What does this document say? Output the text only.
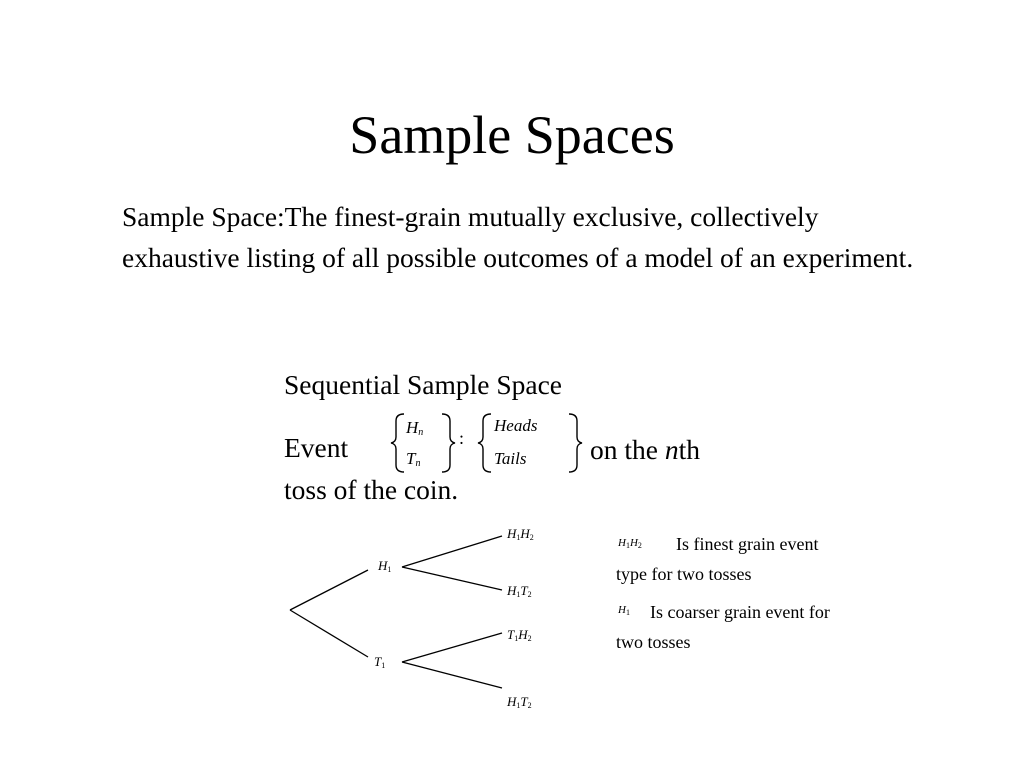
Sample Spaces
Sample Space:The finest-grain mutually exclusive, collectively exhaustive listing of all possible outcomes of a model of an experiment.
Sequential Sample Space
Event
$H_n$
$T_n$
:
Heads
Tails on the nth
toss of the coin.
$H_1$
$T_1$
$H_1H_2$
$H_1T_2$
$T_1H_2$
$H_1T_2$
$H_1H_2$ Is finest grain event
type for two tosses
$H_1$ Is coarser grain event for
two tosses
